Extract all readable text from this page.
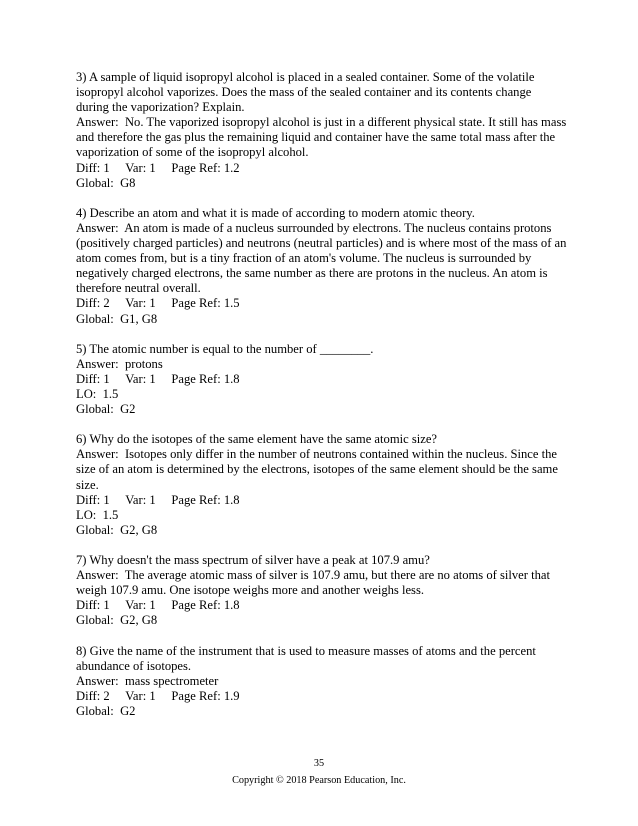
3) A sample of liquid isopropyl alcohol is placed in a sealed container. Some of the volatile
isopropyl alcohol vaporizes. Does the mass of the sealed container and its contents change
during the vaporization? Explain.
Answer:  No. The vaporized isopropyl alcohol is just in a different physical state. It still has mass
and therefore the gas plus the remaining liquid and container have the same total mass after the
vaporization of some of the isopropyl alcohol.
Diff: 1     Var: 1     Page Ref: 1.2
Global:  G8
4) Describe an atom and what it is made of according to modern atomic theory.
Answer:  An atom is made of a nucleus surrounded by electrons. The nucleus contains protons
(positively charged particles) and neutrons (neutral particles) and is where most of the mass of an
atom comes from, but is a tiny fraction of an atom's volume. The nucleus is surrounded by
negatively charged electrons, the same number as there are protons in the nucleus. An atom is
therefore neutral overall.
Diff: 2     Var: 1     Page Ref: 1.5
Global:  G1, G8
5) The atomic number is equal to the number of ________.
Answer:  protons
Diff: 1     Var: 1     Page Ref: 1.8
LO:  1.5
Global:  G2
6) Why do the isotopes of the same element have the same atomic size?
Answer:  Isotopes only differ in the number of neutrons contained within the nucleus. Since the
size of an atom is determined by the electrons, isotopes of the same element should be the same
size.
Diff: 1     Var: 1     Page Ref: 1.8
LO:  1.5
Global:  G2, G8
7) Why doesn't the mass spectrum of silver have a peak at 107.9 amu?
Answer:  The average atomic mass of silver is 107.9 amu, but there are no atoms of silver that
weigh 107.9 amu. One isotope weighs more and another weighs less.
Diff: 1     Var: 1     Page Ref: 1.8
Global:  G2, G8
8) Give the name of the instrument that is used to measure masses of atoms and the percent
abundance of isotopes.
Answer:  mass spectrometer
Diff: 2     Var: 1     Page Ref: 1.9
Global:  G2
35
Copyright © 2018 Pearson Education, Inc.
